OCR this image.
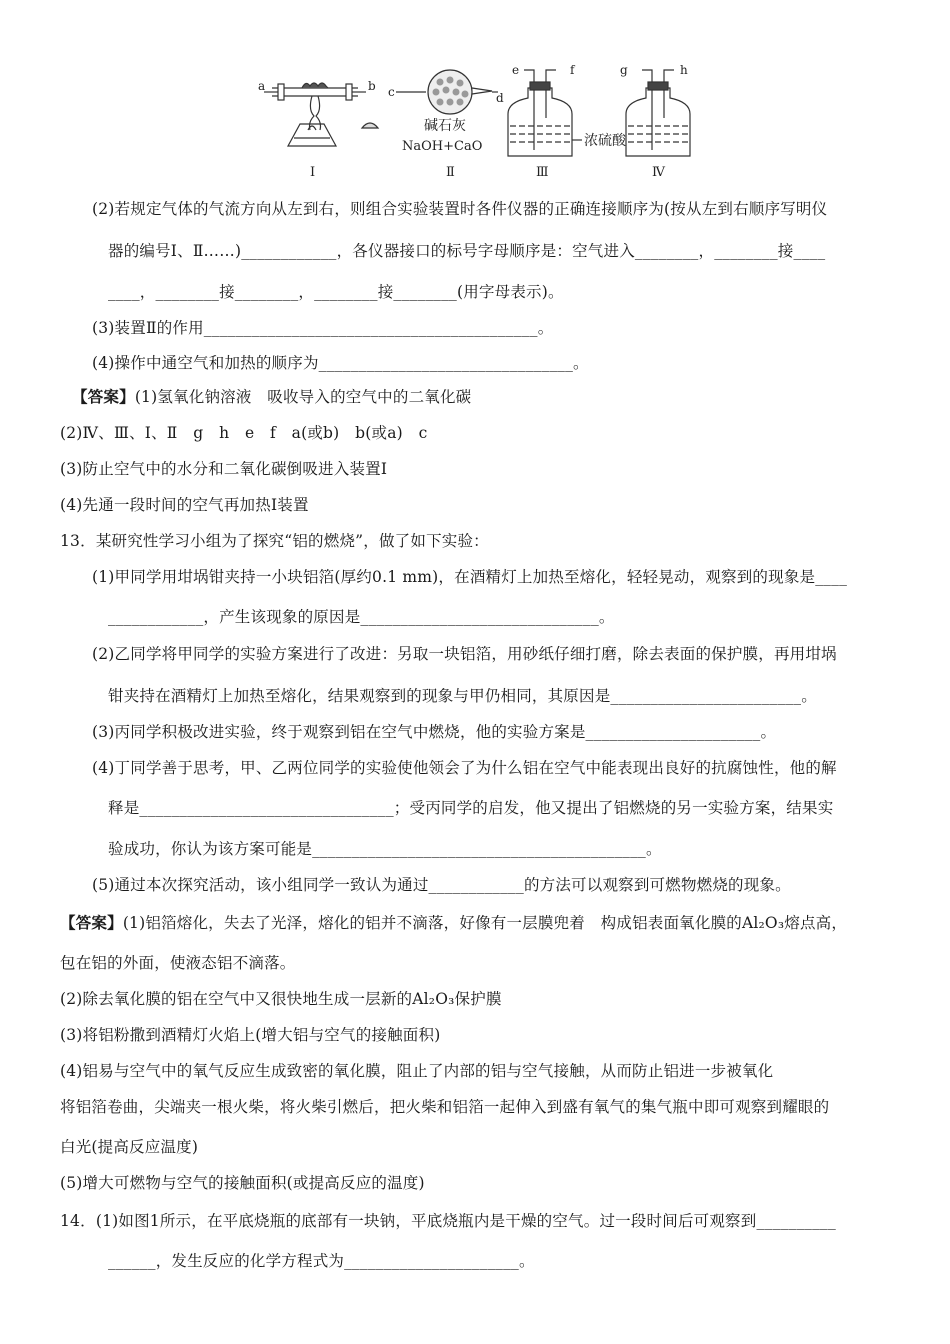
a	b c	d
碱石灰
NaOH+CaO
e	f
浓硫酸
g	h
Ⅰ	Ⅱ	Ⅲ	Ⅳ
(2)若规定气体的气流方向从左到右，则组合实验装置时各件仪器的正确连接顺序为(按从左到右顺序写明仪
器的编号Ⅰ、Ⅱ……)____________，各仪器接口的标号字母顺序是：空气进入________，________接____
____，________接________，________接________(用字母表示)。
(3)装置Ⅱ的作用__________________________________________。
(4)操作中通空气和加热的顺序为________________________________。
【答案】(1)氢氧化钠溶液　吸收导入的空气中的二氧化碳
(2)Ⅳ、Ⅲ、Ⅰ、Ⅱ　g　h　e　f　a(或b)　b(或a)　c
(3)防止空气中的水分和二氧化碳倒吸进入装置Ⅰ
(4)先通一段时间的空气再加热Ⅰ装置
13．某研究性学习小组为了探究“铝的燃烧”，做了如下实验：
(1)甲同学用坩埚钳夹持一小块铝箔(厚约0.1 mm)，在酒精灯上加热至熔化，轻轻晃动，观察到的现象是____
____________，产生该现象的原因是______________________________。
(2)乙同学将甲同学的实验方案进行了改进：另取一块铝箔，用砂纸仔细打磨，除去表面的保护膜，再用坩埚
钳夹持在酒精灯上加热至熔化，结果观察到的现象与甲仍相同，其原因是________________________。
(3)丙同学积极改进实验，终于观察到铝在空气中燃烧，他的实验方案是______________________。
(4)丁同学善于思考，甲、乙两位同学的实验使他领会了为什么铝在空气中能表现出良好的抗腐蚀性，他的解
释是________________________________；受丙同学的启发，他又提出了铝燃烧的另一实验方案，结果实
验成功，你认为该方案可能是__________________________________________。
(5)通过本次探究活动，该小组同学一致认为通过____________的方法可以观察到可燃物燃烧的现象。
【答案】(1)铝箔熔化，失去了光泽，熔化的铝并不滴落，好像有一层膜兜着　构成铝表面氧化膜的Al₂O₃熔点高，
包在铝的外面，使液态铝不滴落。
(2)除去氧化膜的铝在空气中又很快地生成一层新的Al₂O₃保护膜
(3)将铝粉撒到酒精灯火焰上(增大铝与空气的接触面积)
(4)铝易与空气中的氧气反应生成致密的氧化膜，阻止了内部的铝与空气接触，从而防止铝进一步被氧化
将铝箔卷曲，尖端夹一根火柴，将火柴引燃后，把火柴和铝箔一起伸入到盛有氧气的集气瓶中即可观察到耀眼的
白光(提高反应温度)
(5)增大可燃物与空气的接触面积(或提高反应的温度)
14．(1)如图1所示，在平底烧瓶的底部有一块钠，平底烧瓶内是干燥的空气。过一段时间后可观察到__________
______，发生反应的化学方程式为______________________。
